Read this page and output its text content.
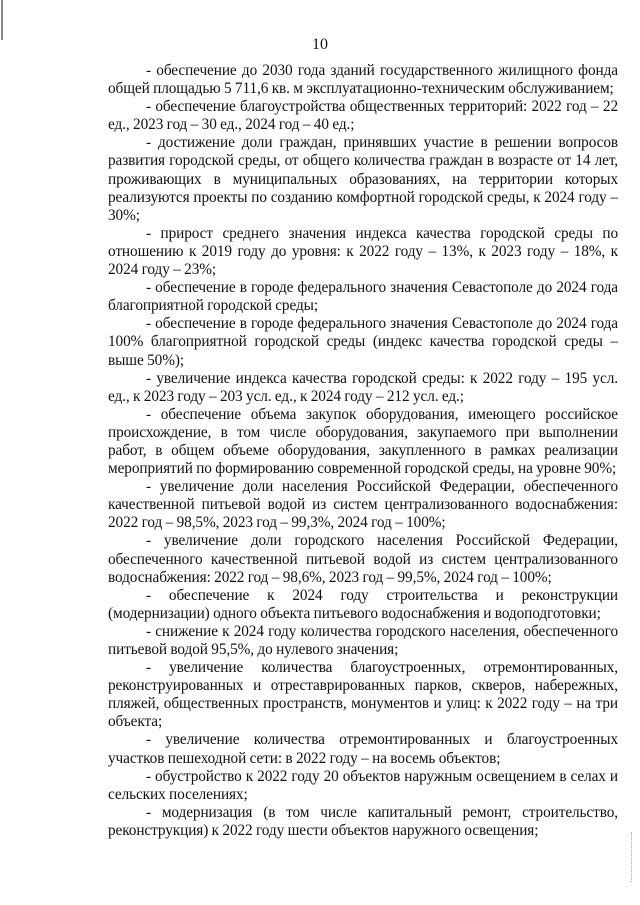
10

- обеспечение до 2030 года зданий государственного жилищного фонда общей площадью 5 711,6 кв. м эксплуатационно-техническим обслуживанием;

- обеспечение благоустройства общественных территорий: 2022 год – 22 ед., 2023 год – 30 ед., 2024 год – 40 ед.;

- достижение доли граждан, принявших участие в решении вопросов развития городской среды, от общего количества граждан в возрасте от 14 лет, проживающих в муниципальных образованиях, на территории которых реализуются проекты по созданию комфортной городской среды, к 2024 году – 30%;

- прирост среднего значения индекса качества городской среды по отношению к 2019 году до уровня: к 2022 году – 13%, к 2023 году – 18%, к 2024 году – 23%;

- обеспечение в городе федерального значения Севастополе до 2024 года благоприятной городской среды;

- обеспечение в городе федерального значения Севастополе до 2024 года 100% благоприятной городской среды (индекс качества городской среды – выше 50%);

- увеличение индекса качества городской среды: к 2022 году – 195 усл. ед., к 2023 году – 203 усл. ед., к 2024 году – 212 усл. ед.;

- обеспечение объема закупок оборудования, имеющего российское происхождение, в том числе оборудования, закупаемого при выполнении работ, в общем объеме оборудования, закупленного в рамках реализации мероприятий по формированию современной городской среды, на уровне 90%;

- увеличение доли населения Российской Федерации, обеспеченного качественной питьевой водой из систем централизованного водоснабжения: 2022 год – 98,5%, 2023 год – 99,3%, 2024 год – 100%;

- увеличение доли городского населения Российской Федерации, обеспеченного качественной питьевой водой из систем централизованного водоснабжения: 2022 год – 98,6%, 2023 год – 99,5%, 2024 год – 100%;

- обеспечение к 2024 году строительства и реконструкции (модернизации) одного объекта питьевого водоснабжения и водоподготовки;

- снижение к 2024 году количества городского населения, обеспеченного питьевой водой 95,5%, до нулевого значения;

- увеличение количества благоустроенных, отремонтированных, реконструированных и отреставрированных парков, скверов, набережных, пляжей, общественных пространств, монументов и улиц: к 2022 году – на три объекта;

- увеличение количества отремонтированных и благоустроенных участков пешеходной сети: в 2022 году – на восемь объектов;

- обустройство к 2022 году 20 объектов наружным освещением в селах и сельских поселениях;

- модернизация (в том числе капитальный ремонт, строительство, реконструкция) к 2022 году шести объектов наружного освещения;
